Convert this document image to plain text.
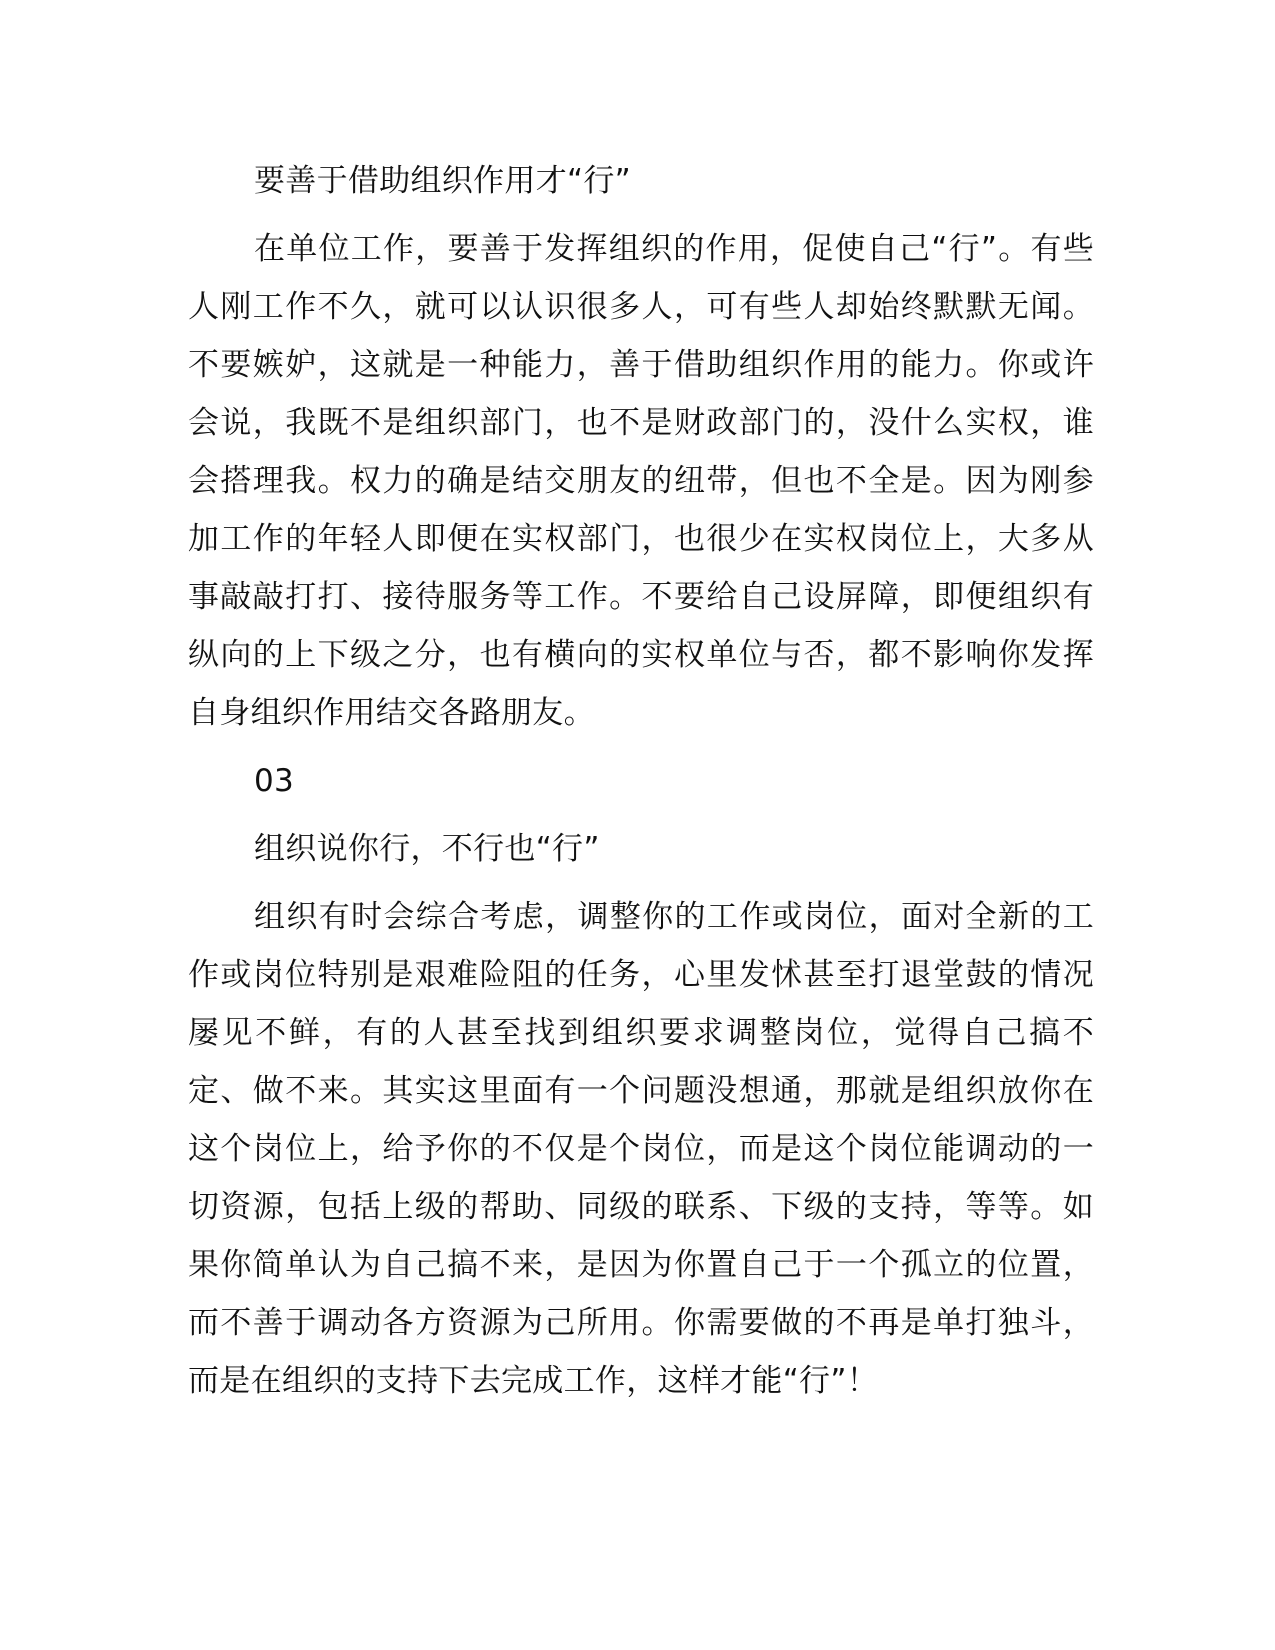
要善于借助组织作用才“行”

在单位工作，要善于发挥组织的作用，促使自己“行”。有些人刚工作不久，就可以认识很多人，可有些人却始终默默无闻。不要嫉妒，这就是一种能力，善于借助组织作用的能力。你或许会说，我既不是组织部门，也不是财政部门的，没什么实权，谁会搭理我。权力的确是结交朋友的纽带，但也不全是。因为刚参加工作的年轻人即便在实权部门，也很少在实权岗位上，大多从事敲敲打打、接待服务等工作。不要给自己设屏障，即便组织有纵向的上下级之分，也有横向的实权单位与否，都不影响你发挥自身组织作用结交各路朋友。

03

组织说你行，不行也“行”

组织有时会综合考虑，调整你的工作或岗位，面对全新的工作或岗位特别是艰难险阻的任务，心里发怵甚至打退堂鼓的情况屡见不鲜，有的人甚至找到组织要求调整岗位，觉得自己搞不定、做不来。其实这里面有一个问题没想通，那就是组织放你在这个岗位上，给予你的不仅是个岗位，而是这个岗位能调动的一切资源，包括上级的帮助、同级的联系、下级的支持，等等。如果你简单认为自己搞不来，是因为你置自己于一个孤立的位置，而不善于调动各方资源为己所用。你需要做的不再是单打独斗，而是在组织的支持下去完成工作，这样才能“行”！
